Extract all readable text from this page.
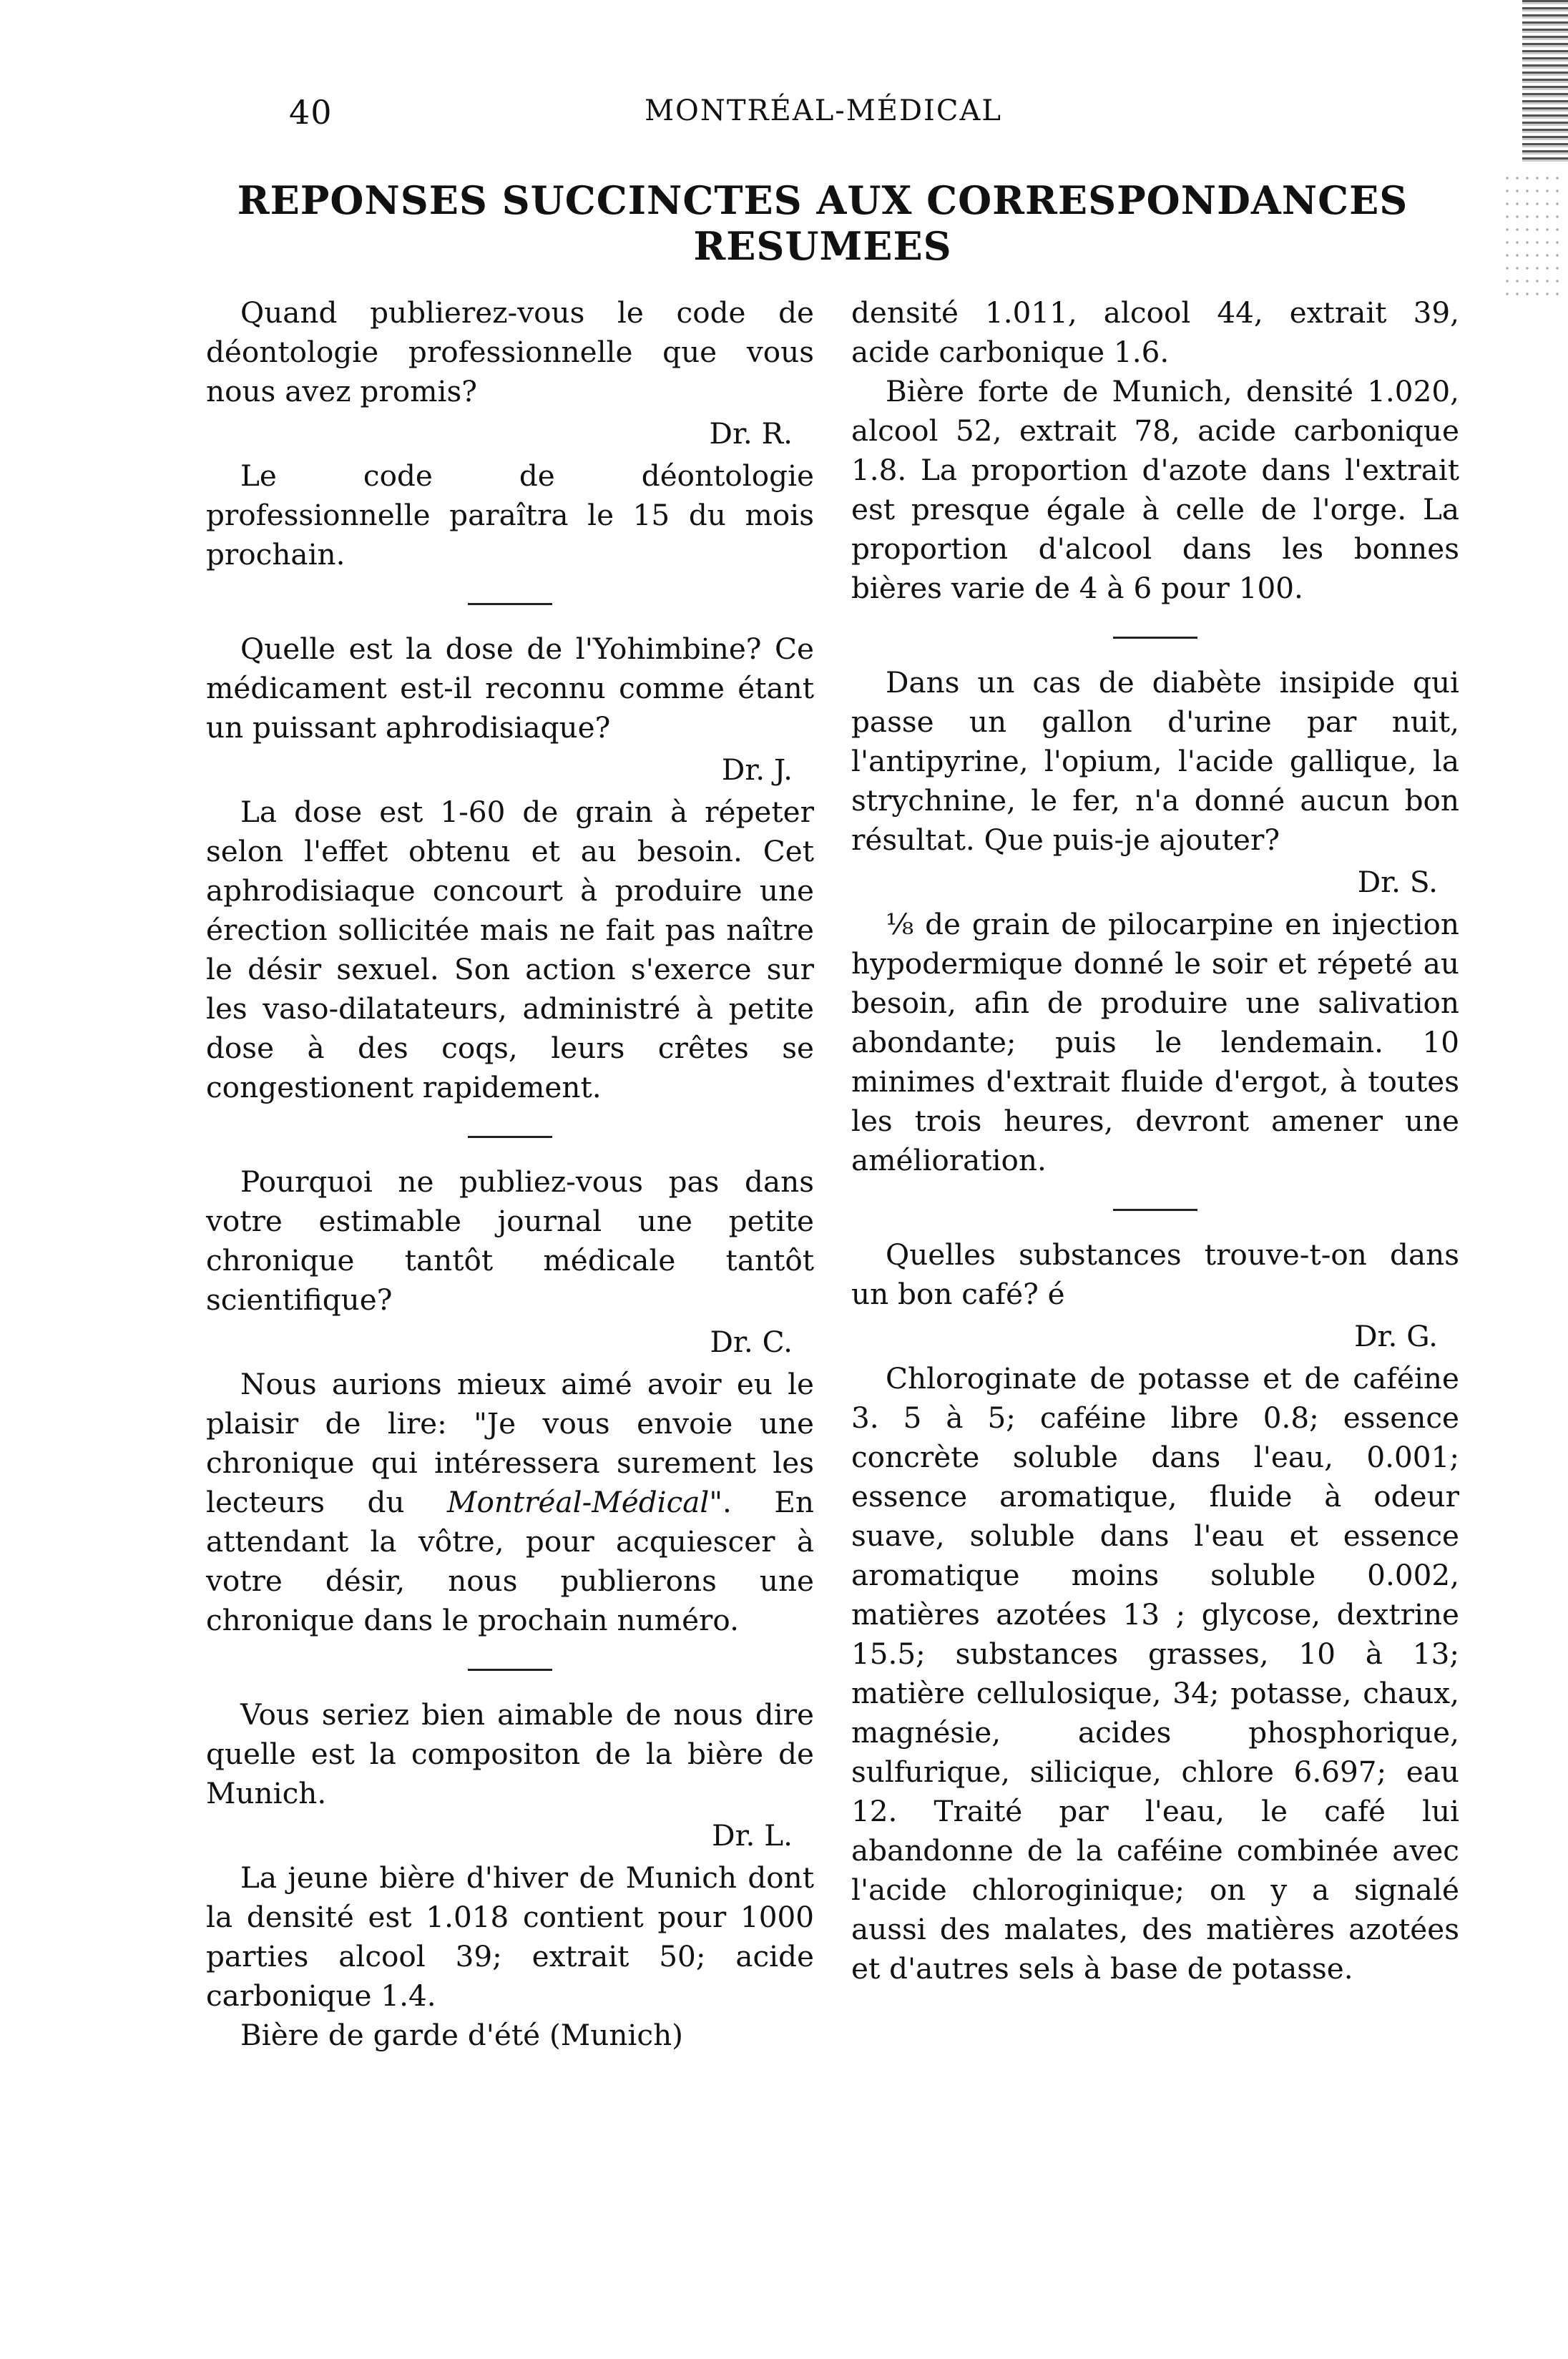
40	MONTRÉAL-MÉDICAL
REPONSES SUCCINCTES AUX CORRESPONDANCES RESUMEES

Quand publierez-vous le code de déontologie professionnelle que vous nous avez promis?

Dr. R.

Le code de déontologie professionnelle paraîtra le 15 du mois prochain.

Quelle est la dose de l'Yohimbine? Ce médicament est-il reconnu comme étant un puissant aphrodisiaque?

Dr. J.

La dose est 1-60 de grain à répeter selon l'effet obtenu et au besoin. Cet aphrodisiaque concourt à produire une érection sollicitée mais ne fait pas naître le désir sexuel. Son action s'exerce sur les vaso-dilatateurs, administré à petite dose à des coqs, leurs crêtes se congestionent rapidement.

Pourquoi ne publiez-vous pas dans votre estimable journal une petite chronique tantôt médicale tantôt scientifique?

Dr. C.

Nous aurions mieux aimé avoir eu le plaisir de lire: "Je vous envoie une chronique qui intéressera surement les lecteurs du Montréal-Médical". En attendant la vôtre, pour acquiescer à votre désir, nous publierons une chronique dans le prochain numéro.

Vous seriez bien aimable de nous dire quelle est la compositon de la bière de Munich.

Dr. L.

La jeune bière d'hiver de Munich dont la densité est 1.018 contient pour 1000 parties alcool 39; extrait 50; acide carbonique 1.4.

Bière de garde d'été (Munich)

densité 1.011, alcool 44, extrait 39, acide carbonique 1.6.

Bière forte de Munich, densité 1.020, alcool 52, extrait 78, acide carbonique 1.8. La proportion d'azote dans l'extrait est presque égale à celle de l'orge. La proportion d'alcool dans les bonnes bières varie de 4 à 6 pour 100.

Dans un cas de diabète insipide qui passe un gallon d'urine par nuit, l'antipyrine, l'opium, l'acide gallique, la strychnine, le fer, n'a donné aucun bon résultat. Que puis-je ajouter?

Dr. S.

⅛ de grain de pilocarpine en injection hypodermique donné le soir et répeté au besoin, afin de produire une salivation abondante; puis le lendemain. 10 minimes d'extrait fluide d'ergot, à toutes les trois heures, devront amener une amélioration.

Quelles substances trouve-t-on dans un bon café? é

Dr. G.

Chloroginate de potasse et de caféine 3. 5 à 5; caféine libre 0.8; essence concrète soluble dans l'eau, 0.001; essence aromatique, fluide à odeur suave, soluble dans l'eau et essence aromatique moins soluble 0.002, matières azotées 13 ; glycose, dextrine 15.5; substances grasses, 10 à 13; matière cellulosique, 34; potasse, chaux, magnésie, acides phosphorique, sulfurique, silicique, chlore 6.697; eau 12. Traité par l'eau, le café lui abandonne de la caféine combinée avec l'acide chloroginique; on y a signalé aussi des malates, des matières azotées et d'autres sels à base de potasse.
